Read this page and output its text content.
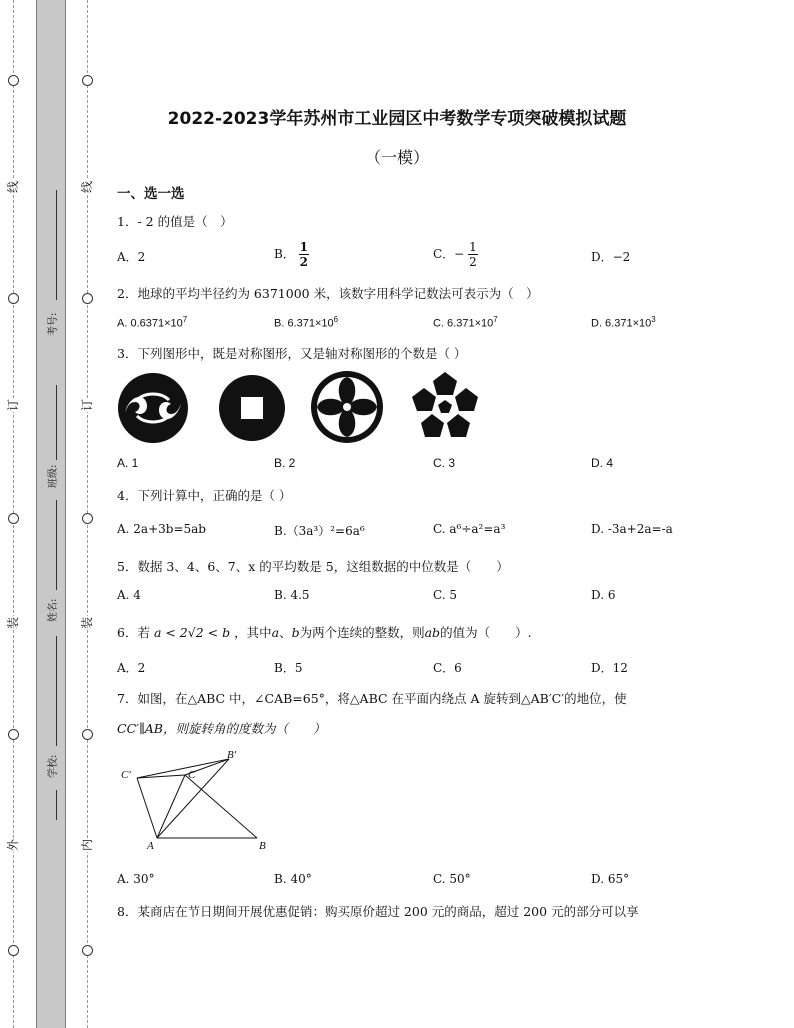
线
订
装
外
线
订
装
内
考号:
班级:
姓名:
学校:
2022-2023学年苏州市工业园区中考数学专项突破模拟试题
（一模）
一、选一选
1．- 2 的值是（　）
A．2	B． $\frac{1}{2}$	C．− $\frac{1}{2}$	D．−2
2．地球的平均半径约为 6371000 米，该数字用科学记数法可表示为（　）
A. $0.6371\times 10^7$	B. $6.371\times 10^6$	C. $6.371\times 10^7$	D. $6.371\times 10^3$
3．下列图形中，既是对称图形，又是轴对称图形的个数是（ ）
A. 1	B. 2	C. 3	D. 4
4．下列计算中，正确的是（ ）
A. 2a+3b=5ab	B.（3a³）²=6a⁶	C. a⁶÷a²=a³	D. -3a+2a=-a
5．数据 3、4、6、7、x 的平均数是 5，这组数据的中位数是（　　）
A. 4	B. 4.5	C. 5	D. 6
6．若 a < 2√2 < b ，其中a、b为两个连续的整数，则ab的值为（　　）.
A．2	B．5	C．6	D．12
7．如图，在△ABC 中，∠CAB=65°，将△ABC 在平面内绕点 A 旋转到△AB′C′的地位，使
CC′∥AB，则旋转角的度数为（　　）
C′	C
B′
A	B
A. 30°	B. 40°	C. 50°	D. 65°
8．某商店在节日期间开展优惠促销：购买原价超过 200 元的商品，超过 200 元的部分可以享
